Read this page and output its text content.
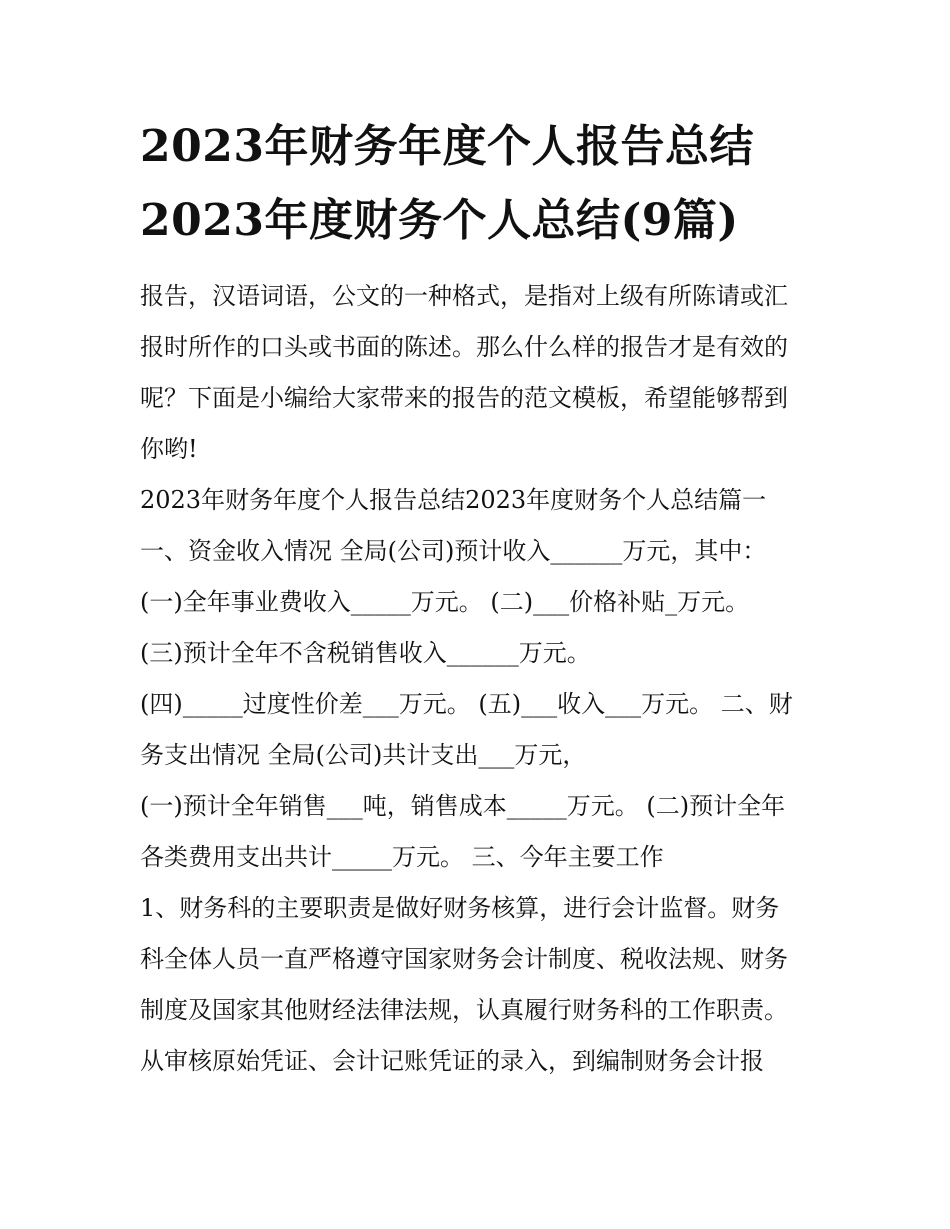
2023年财务年度个人报告总结
2023年度财务个人总结(9篇)
报告，汉语词语，公文的一种格式，是指对上级有所陈请或汇
报时所作的口头或书面的陈述。那么什么样的报告才是有效的
呢？下面是小编给大家带来的报告的范文模板，希望能够帮到
你哟!
2023年财务年度个人报告总结2023年度财务个人总结篇一
一、资金收入情况 全局(公司)预计收入______万元，其中：
(一)全年事业费收入_____万元。 (二)___价格补贴_万元。
(三)预计全年不含税销售收入______万元。
(四)_____过度性价差___万元。 (五)___收入___万元。 二、财
务支出情况 全局(公司)共计支出___万元，
(一)预计全年销售___吨，销售成本_____万元。 (二)预计全年
各类费用支出共计_____万元。 三、今年主要工作
1、财务科的主要职责是做好财务核算，进行会计监督。财务
科全体人员一直严格遵守国家财务会计制度、税收法规、财务
制度及国家其他财经法律法规，认真履行财务科的工作职责。
从审核原始凭证、会计记账凭证的录入，到编制财务会计报
